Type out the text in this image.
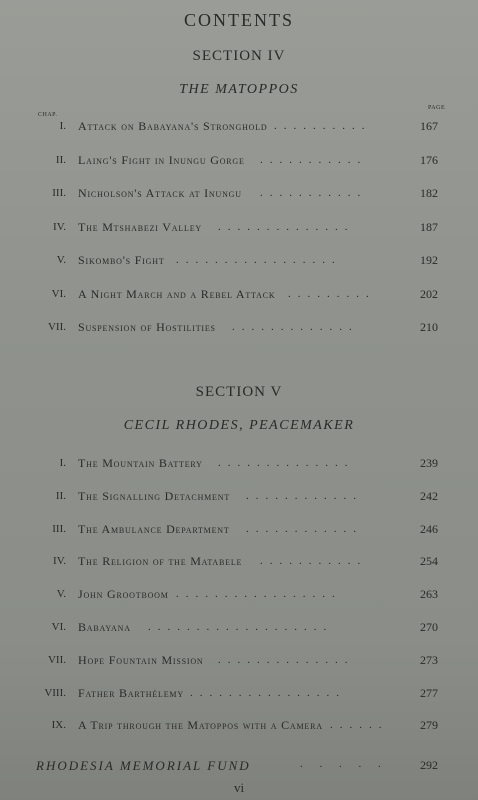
CONTENTS
SECTION IV
THE MATOPPOS
CHAP.
PAGE
I. Attack on Babayana's Stronghold ..........	167
II. Laing's Fight in Inungu Gorge ...........	176
III. Nicholson's Attack at Inungu ...........	182
IV. The Mtshabezi Valley ..............	187
V. Sikombo's Fight .................	192
VI. A Night March and a Rebel Attack .........	202
VII. Suspension of Hostilities .............	210
SECTION V
CECIL RHODES, PEACEMAKER
I. The Mountain Battery ..............	239
II. The Signalling Detachment ............	242
III. The Ambulance Department ............	246
IV. The Religion of the Matabele ...........	254
V. John Grootboom .................	263
VI. Babayana ...................	270
VII. Hope Fountain Mission ..............	273
VIII. Father Barthélemy ................	277
IX. A Trip through the Matoppos with a Camera ......	279
RHODESIA MEMORIAL FUND	. . . . .	292
vi
